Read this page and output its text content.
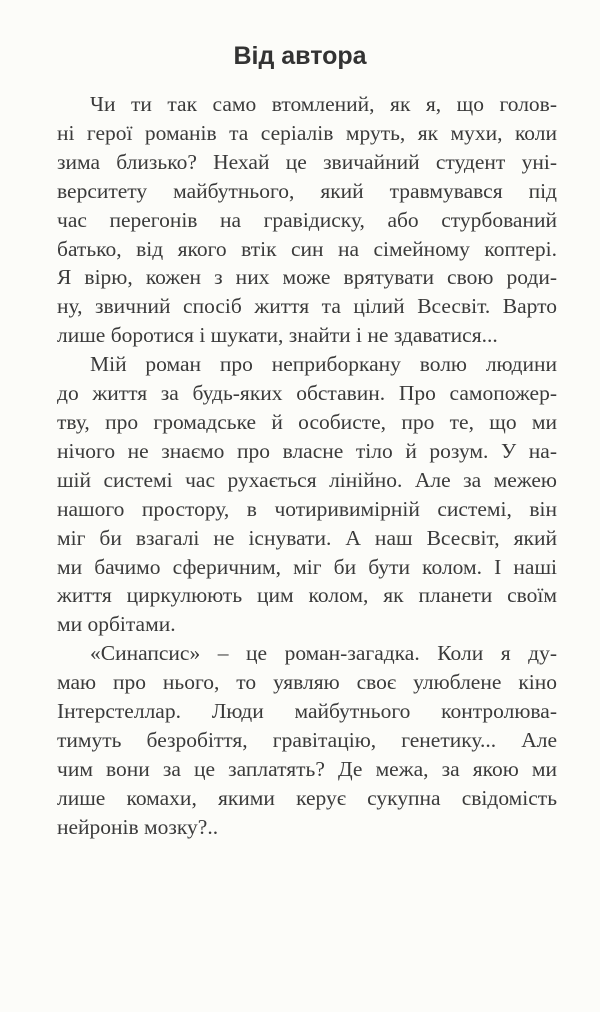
Від автора
Чи ти так само втомлений, як я, що голов-
ні герої романів та серіалів мруть, як мухи, коли
зима близько? Нехай це звичайний студент уні-
верситету майбутнього, який травмувався під
час перегонів на гравідиску, або стурбований
батько, від якого втік син на сімейному коптері.
Я вірю, кожен з них може врятувати свою роди-
ну, звичний спосіб життя та цілий Всесвіт. Варто
лише боротися і шукати, знайти і не здаватися...
Мій роман про неприборкану волю людини
до життя за будь-яких обставин. Про самопожер-
тву, про громадське й особисте, про те, що ми
нічого не знаємо про власне тіло й розум. У на-
шій системі час рухається лінійно. Але за межею
нашого простору, в чотиривимірній системі, він
міг би взагалі не існувати. А наш Всесвіт, який
ми бачимо сферичним, міг би бути колом. І наші
життя циркулюють цим колом, як планети своїм
ми орбітами.
«Синапсис» – це роман-загадка. Коли я ду-
маю про нього, то уявляю своє улюблене кіно
Інтерстеллар. Люди майбутнього контролюва-
тимуть безробіття, гравітацію, генетику... Але
чим вони за це заплатять? Де межа, за якою ми
лише комахи, якими керує сукупна свідомість
нейронів мозку?..
